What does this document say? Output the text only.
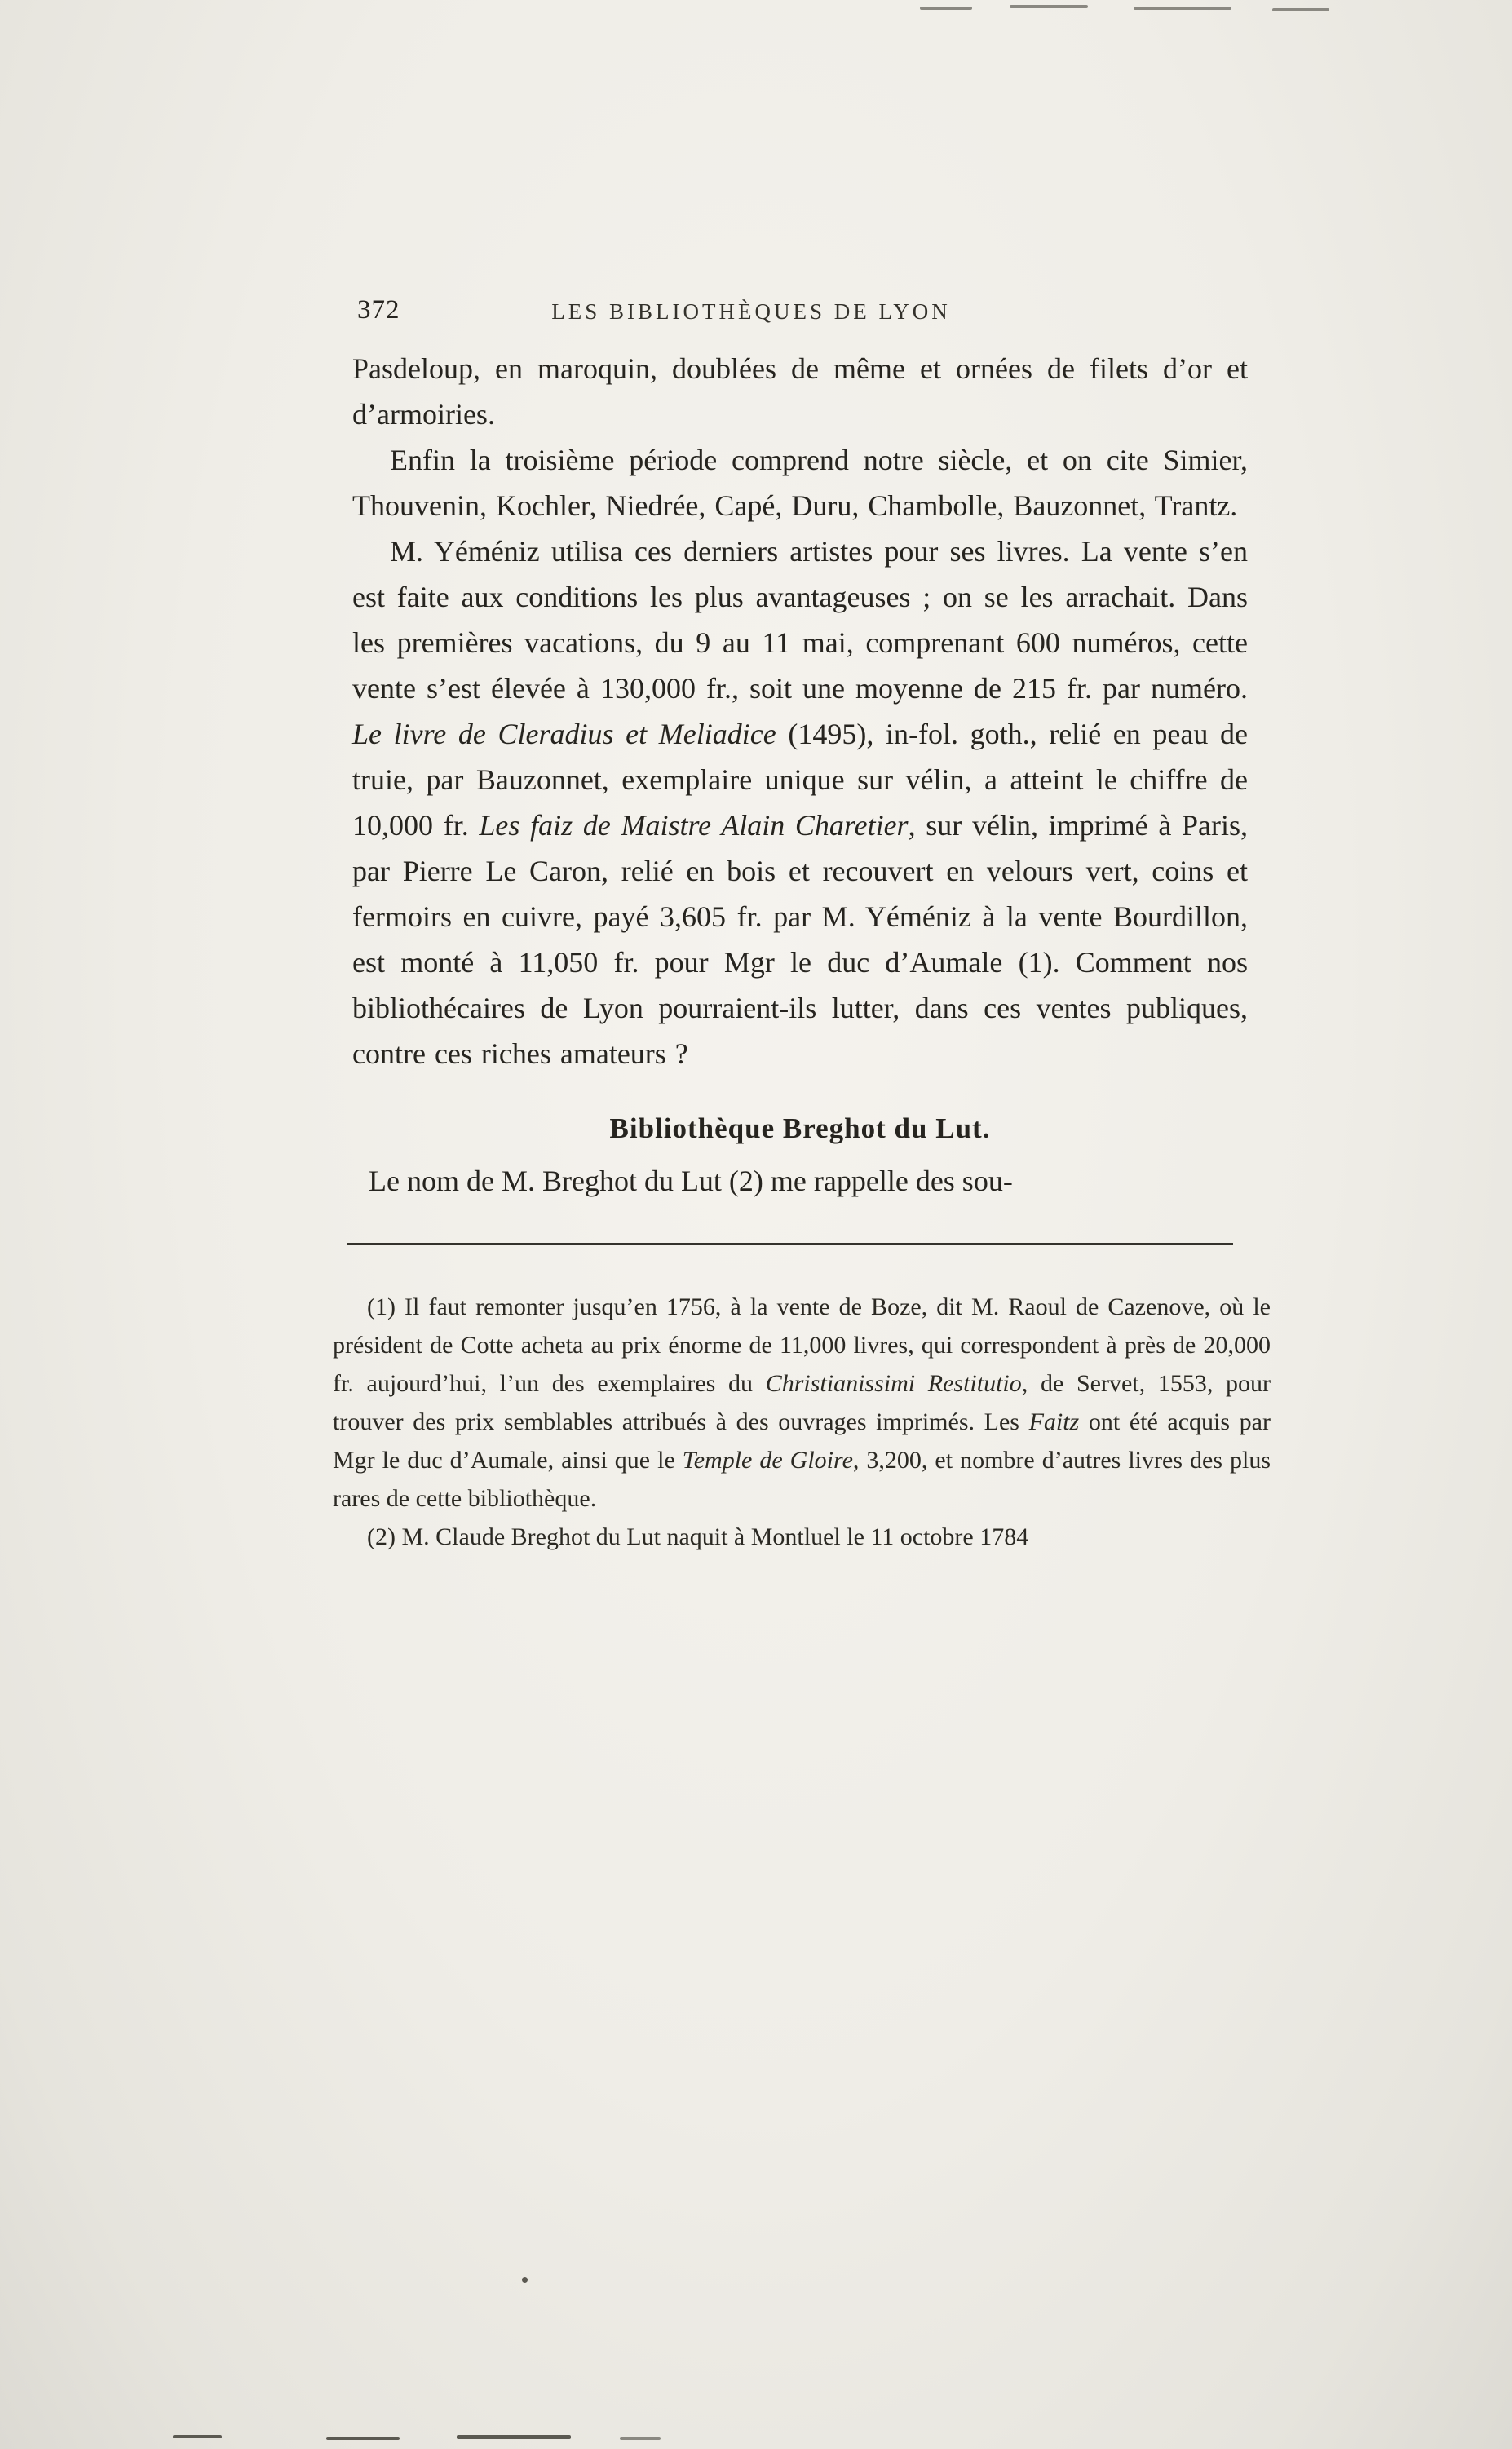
372	LES BIBLIOTHÈQUES DE LYON

Pasdeloup, en maroquin, doublées de même et ornées de filets d’or et d’armoiries.

Enfin la troisième période comprend notre siècle, et on cite Simier, Thouvenin, Kochler, Niedrée, Capé, Duru, Chambolle, Bauzonnet, Trantz.

M. Yéméniz utilisa ces derniers artistes pour ses livres. La vente s’en est faite aux conditions les plus avantageuses ; on se les arrachait. Dans les premières vacations, du 9 au 11 mai, comprenant 600 numéros, cette vente s’est élevée à 130,000 fr., soit une moyenne de 215 fr. par numéro. Le livre de Cleradius et Meliadice (1495), in-fol. goth., relié en peau de truie, par Bauzonnet, exemplaire unique sur vélin, a atteint le chiffre de 10,000 fr. Les faiz de Maistre Alain Charetier, sur vélin, imprimé à Paris, par Pierre Le Caron, relié en bois et recouvert en velours vert, coins et fermoirs en cuivre, payé 3,605 fr. par M. Yéméniz à la vente Bourdillon, est monté à 11,050 fr. pour Mgr le duc d’Aumale (1). Comment nos bibliothécaires de Lyon pourraient-ils lutter, dans ces ventes publiques, contre ces riches amateurs ?

Bibliothèque Breghot du Lut.

Le nom de M. Breghot du Lut (2) me rappelle des sou-

(1) Il faut remonter jusqu’en 1756, à la vente de Boze, dit M. Raoul de Cazenove, où le président de Cotte acheta au prix énorme de 11,000 livres, qui correspondent à près de 20,000 fr. aujourd’hui, l’un des exemplaires du Christianissimi Restitutio, de Servet, 1553, pour trouver des prix semblables attribués à des ouvrages imprimés. Les Faitz ont été acquis par Mgr le duc d’Aumale, ainsi que le Temple de Gloire, 3,200, et nombre d’autres livres des plus rares de cette bibliothèque.

(2) M. Claude Breghot du Lut naquit à Montluel le 11 octobre 1784
